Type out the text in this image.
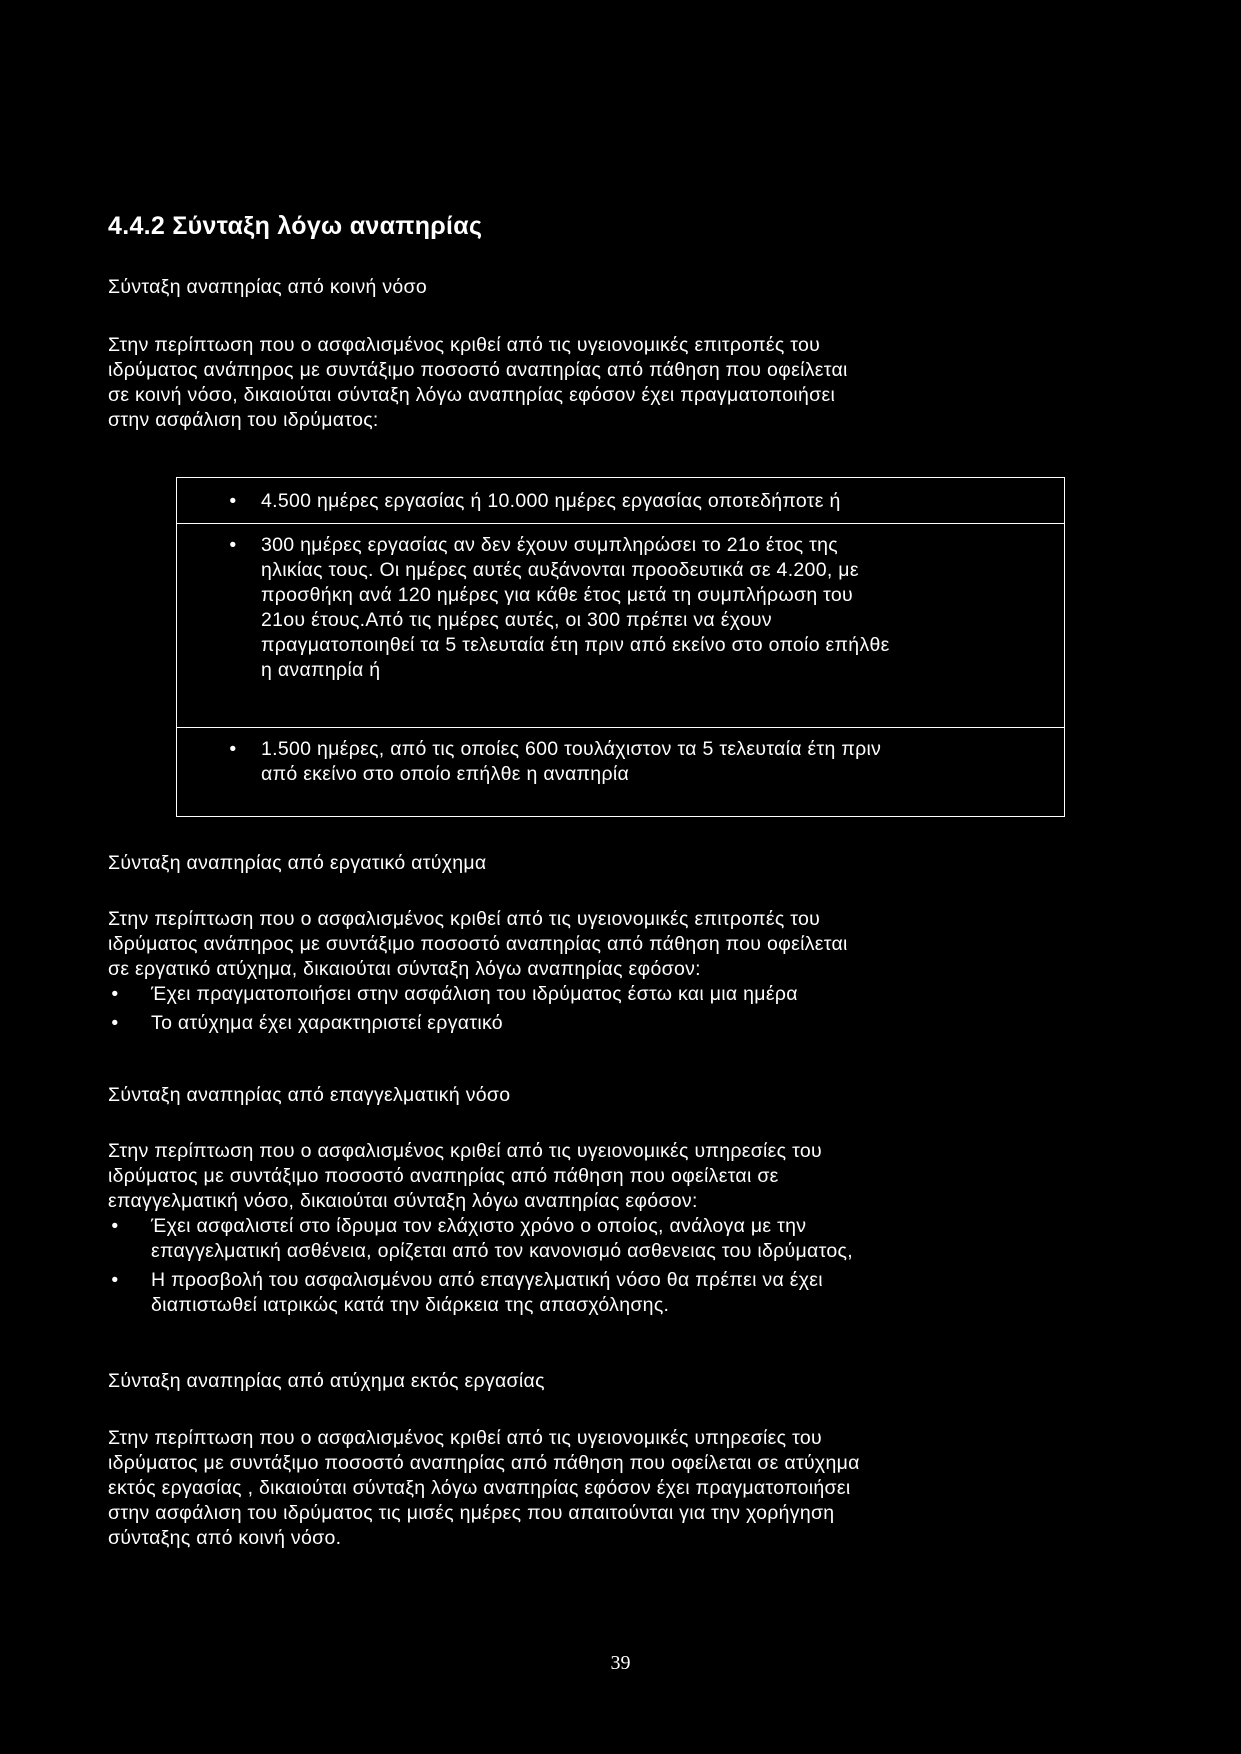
4.4.2 Σύνταξη λόγω αναπηρίας
Σύνταξη αναπηρίας από κοινή νόσο

Στην περίπτωση που ο ασφαλισμένος κριθεί από τις υγειονομικές επιτροπές του

ιδρύματος ανάπηρος με συντάξιμο ποσοστό αναπηρίας από πάθηση που οφείλεται

σε κοινή νόσο, δικαιούται σύνταξη λόγω αναπηρίας εφόσον έχει πραγματοποιήσει

στην ασφάλιση του ιδρύματος:

•	4.500 ημέρες εργασίας ή 10.000 ημέρες εργασίας οποτεδήποτε ή
•	300 ημέρες εργασίας αν δεν έχουν συμπληρώσει το 21ο έτος της
ηλικίας τους. Οι ημέρες αυτές αυξάνονται προοδευτικά σε 4.200, με
προσθήκη ανά 120 ημέρες για κάθε έτος μετά τη συμπλήρωση του
21ου έτους.Από τις ημέρες αυτές, οι 300 πρέπει να έχουν
πραγματοποιηθεί τα 5 τελευταία έτη πριν από εκείνο στο οποίο επήλθε
η αναπηρία ή
•	1.500 ημέρες, από τις οποίες 600 τουλάχιστον τα 5 τελευταία έτη πριν
από εκείνο στο οποίο επήλθε η αναπηρία
Σύνταξη αναπηρίας από εργατικό ατύχημα

Στην περίπτωση που ο ασφαλισμένος κριθεί από τις υγειονομικές επιτροπές του

ιδρύματος ανάπηρος με συντάξιμο ποσοστό αναπηρίας από πάθηση που οφείλεται

σε εργατικό ατύχημα, δικαιούται σύνταξη λόγω αναπηρίας εφόσον:

• Έχει πραγματοποιήσει στην ασφάλιση του ιδρύματος έστω και μια ημέρα
• Το ατύχημα έχει χαρακτηριστεί εργατικό
Σύνταξη αναπηρίας από επαγγελματική νόσο

Στην περίπτωση που ο ασφαλισμένος κριθεί από τις υγειονομικές υπηρεσίες του

ιδρύματος με συντάξιμο ποσοστό αναπηρίας από πάθηση που οφείλεται σε

επαγγελματική νόσο, δικαιούται σύνταξη λόγω αναπηρίας εφόσον:

• Έχει ασφαλιστεί στο ίδρυμα τον ελάχιστο χρόνο ο οποίος, ανάλογα με την
επαγγελματική ασθένεια, ορίζεται από τον κανονισμό ασθενειας του ιδρύματος,
• Η προσβολή του ασφαλισμένου από επαγγελματική νόσο θα πρέπει να έχει
διαπιστωθεί ιατρικώς κατά την διάρκεια της απασχόλησης.
Σύνταξη αναπηρίας από ατύχημα εκτός εργασίας

Στην περίπτωση που ο ασφαλισμένος κριθεί από τις υγειονομικές υπηρεσίες του

ιδρύματος με συντάξιμο ποσοστό αναπηρίας από πάθηση που οφείλεται σε ατύχημα

εκτός εργασίας , δικαιούται σύνταξη λόγω αναπηρίας εφόσον έχει πραγματοποιήσει

στην ασφάλιση του ιδρύματος τις μισές ημέρες που απαιτούνται για την χορήγηση

σύνταξης από κοινή νόσο.

39
